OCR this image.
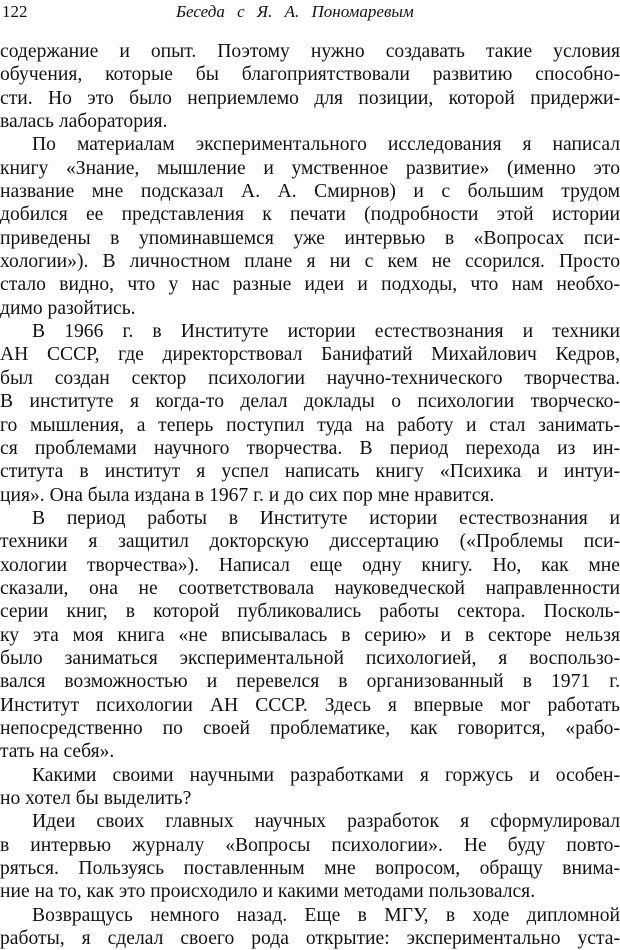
122	Беседа с Я. А. Пономаревым
содержание и опыт. Поэтому нужно создавать такие условия
обучения, которые бы благоприятствовали развитию способно-
сти. Но это было неприемлемо для позиции, которой придержи-
валась лаборатория.
По материалам экспериментального исследования я написал
книгу «Знание, мышление и умственное развитие» (именно это
название мне подсказал А. А. Смирнов) и с большим трудом
добился ее представления к печати (подробности этой истории
приведены в упоминавшемся уже интервью в «Вопросах пси-
хологии»). В личностном плане я ни с кем не ссорился. Просто
стало видно, что у нас разные идеи и подходы, что нам необхо-
димо разойтись.
В 1966 г. в Институте истории естествознания и техники
АН СССР, где директорствовал Банифатий Михайлович Кедров,
был создан сектор психологии научно-технического творчества.
В институте я когда-то делал доклады о психологии творческо-
го мышления, а теперь поступил туда на работу и стал занимать-
ся проблемами научного творчества. В период перехода из ин-
ститута в институт я успел написать книгу «Психика и интуи-
ция». Она была издана в 1967 г. и до сих пор мне нравится.
В период работы в Институте истории естествознания и
техники я защитил докторскую диссертацию («Проблемы пси-
хологии творчества»). Написал еще одну книгу. Но, как мне
сказали, она не соответствовала науковедческой направленности
серии книг, в которой публиковались работы сектора. Посколь-
ку эта моя книга «не вписывалась в серию» и в секторе нельзя
было заниматься экспериментальной психологией, я воспользо-
вался возможностью и перевелся в организованный в 1971 г.
Институт психологии АН СССР. Здесь я впервые мог работать
непосредственно по своей проблематике, как говорится, «рабо-
тать на себя».
Какими своими научными разработками я горжусь и особен-
но хотел бы выделить?
Идеи своих главных научных разработок я сформулировал
в интервью журналу «Вопросы психологии». Не буду повто-
ряться. Пользуясь поставленным мне вопросом, обращу внима-
ние на то, как это происходило и какими методами пользовался.
Возвращусь немного назад. Еще в МГУ, в ходе дипломной
работы, я сделал своего рода открытие: экспериментально уста-
